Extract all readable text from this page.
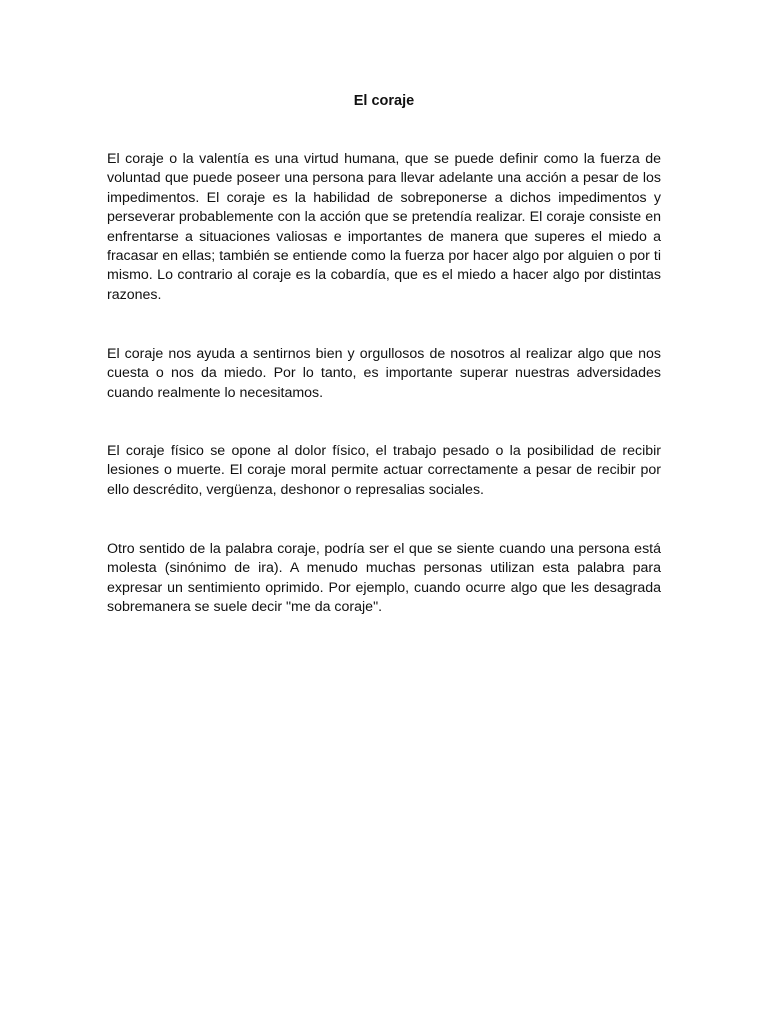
El coraje

El coraje o la valentía es una virtud humana, que se puede definir como la fuerza de voluntad que puede poseer una persona para llevar adelante una acción a pesar de los impedimentos. El coraje es la habilidad de sobreponerse a dichos impedimentos y perseverar probablemente con la acción que se pretendía realizar. El coraje consiste en enfrentarse a situaciones valiosas e importantes de manera que superes el miedo a fracasar en ellas; también se entiende como la fuerza por hacer algo por alguien o por ti mismo. Lo contrario al coraje es la cobardía, que es el miedo a hacer algo por distintas razones.

El coraje nos ayuda a sentirnos bien y orgullosos de nosotros al realizar algo que nos cuesta o nos da miedo. Por lo tanto, es importante superar nuestras adversidades cuando realmente lo necesitamos.

El coraje físico se opone al dolor físico, el trabajo pesado o la posibilidad de recibir lesiones o muerte. El coraje moral permite actuar correctamente a pesar de recibir por ello descrédito, vergüenza, deshonor o represalias sociales.

Otro sentido de la palabra coraje, podría ser el que se siente cuando una persona está molesta (sinónimo de ira). A menudo muchas personas utilizan esta palabra para expresar un sentimiento oprimido. Por ejemplo, cuando ocurre algo que les desagrada sobremanera se suele decir "me da coraje".
